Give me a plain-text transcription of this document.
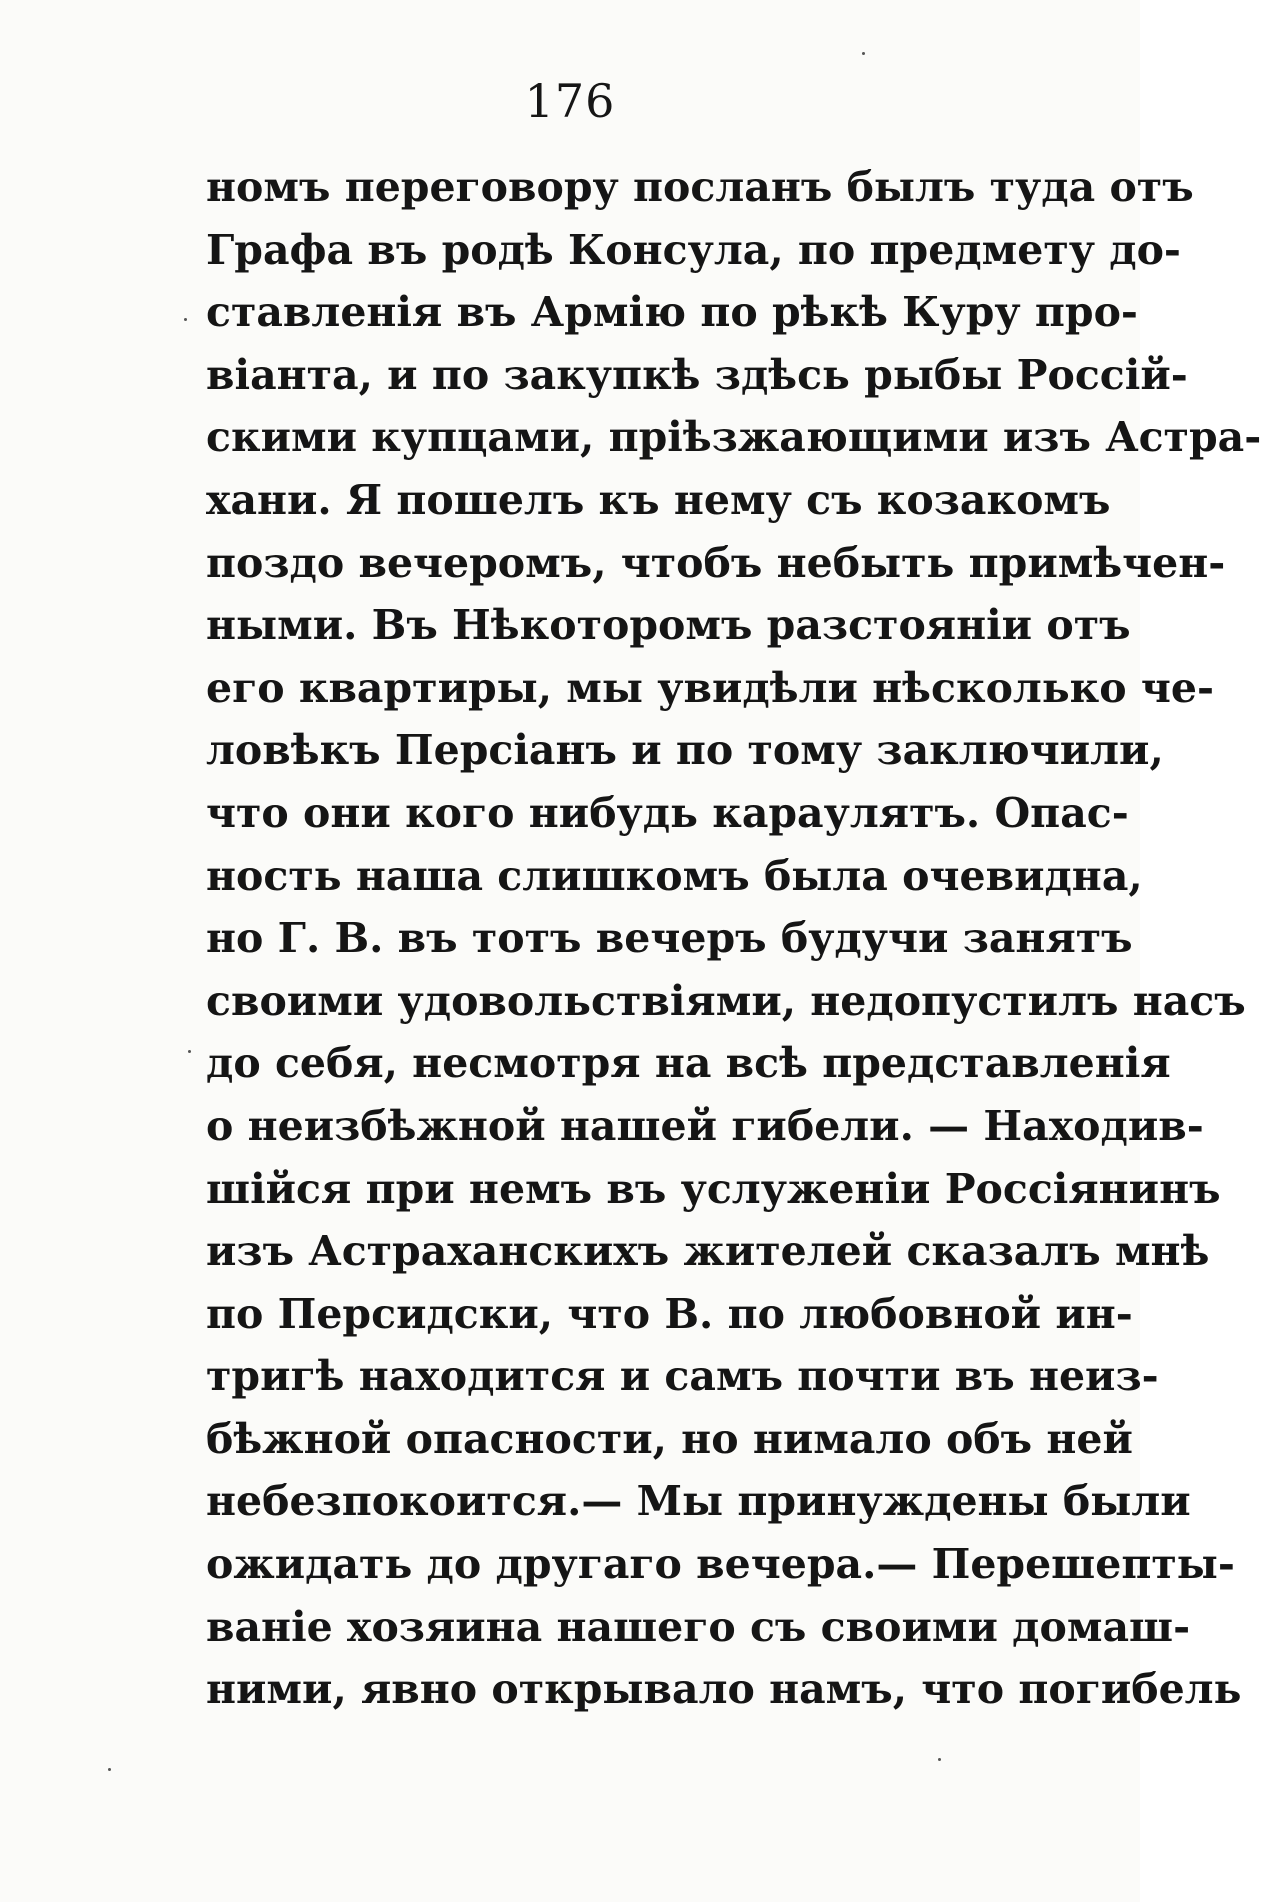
176
номъ переговору посланъ былъ туда отъ
Графа въ родѣ Консула, по предмету до-
ставленія въ Армію по рѣкѣ Куру про-
віанта, и по закупкѣ здѣсь рыбы Россій-
скими купцами, пріѣзжающими изъ Астра-
хани. Я пошелъ къ нему съ козакомъ
поздо вечеромъ, чтобъ небыть примѣчен-
ными. Въ Нѣкоторомъ разстояніи отъ
его квартиры, мы увидѣли нѣсколько че-
ловѣкъ Персіанъ и по тому заключили,
что они кого нибудь караулятъ. Опас-
ность наша слишкомъ была очевидна,
но Г. В. въ тотъ вечеръ будучи занятъ
своими удовольствіями, недопустилъ насъ
до себя, несмотря на всѣ представленія
о неизбѣжной нашей гибели. — Находив-
шійся при немъ въ услуженіи Россіянинъ
изъ Астраханскихъ жителей сказалъ мнѣ
по Персидски, что В. по любовной ин-
тригѣ находится и самъ почти въ неиз-
бѣжной опасности, но нимало объ ней
небезпокоится.— Мы принуждены были
ожидать до другаго вечера.— Перешепты-
ваніе хозяина нашего съ своими домаш-
ними, явно открывало намъ, что погибель
